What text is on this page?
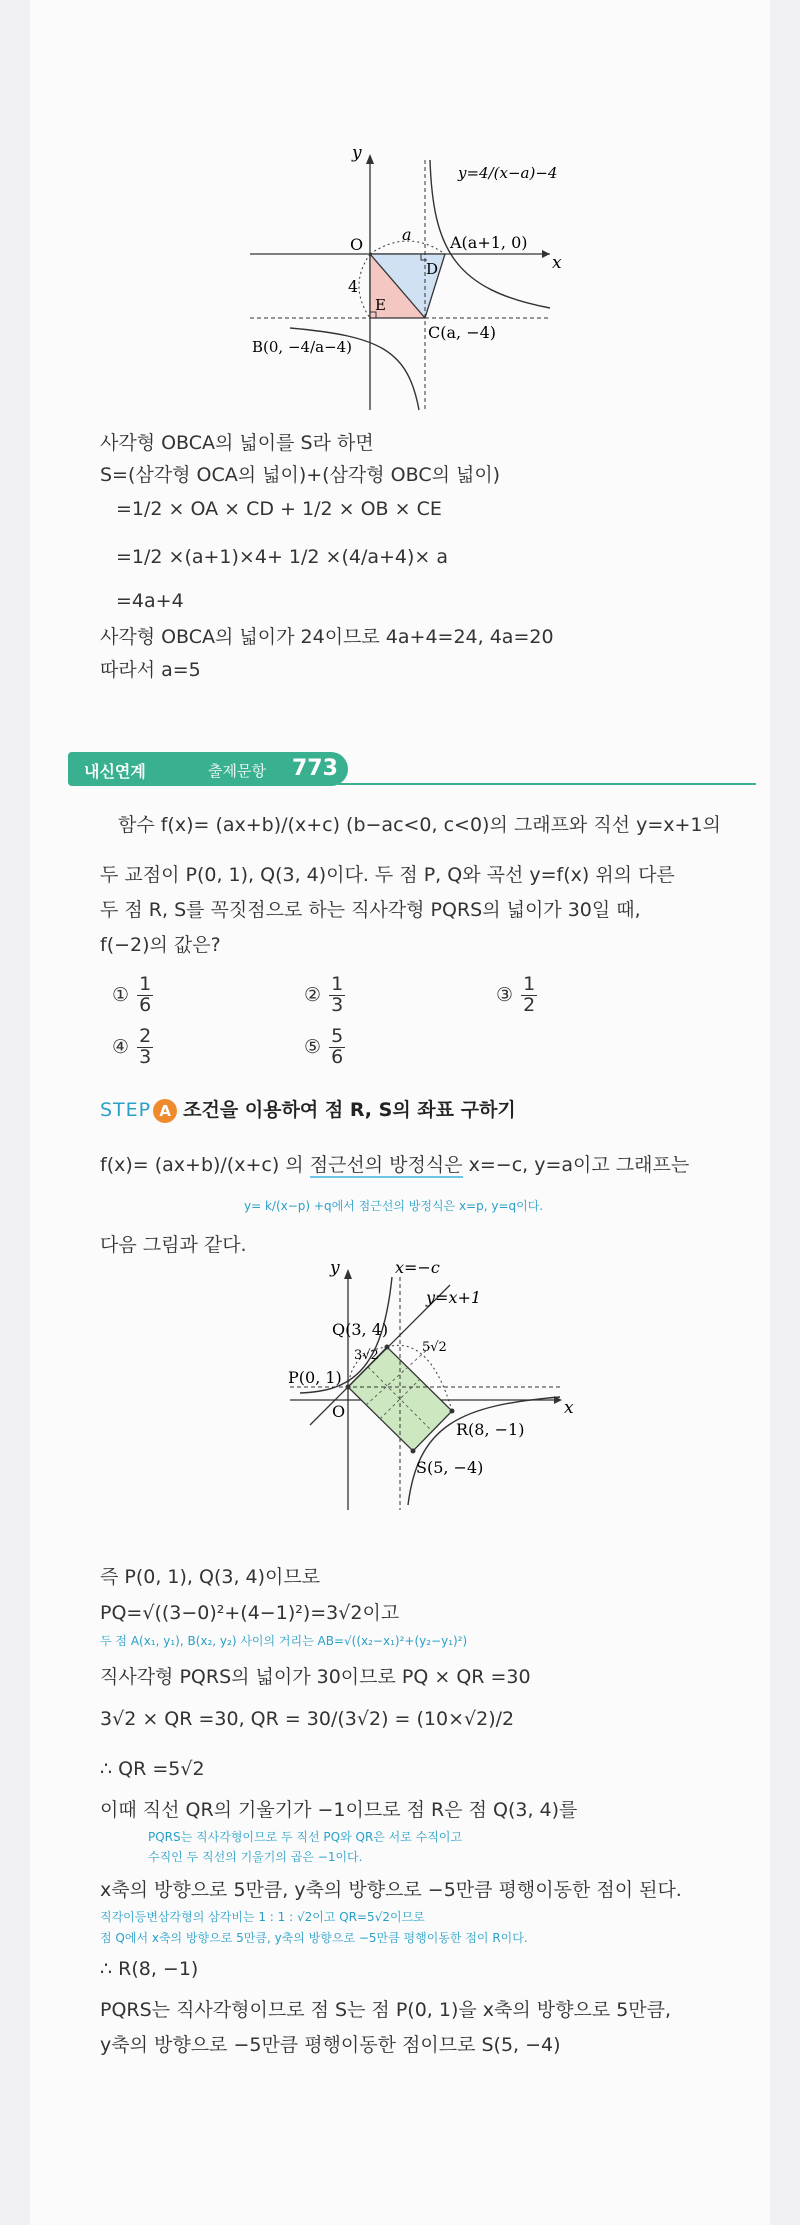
y
x
O
a
4
D
E
A(a+1, 0)
C(a, −4)
B(0, −4/a−4)
y=4/(x−a)−4
사각형 OBCA의 넓이를 S라 하면
S=(삼각형 OCA의 넓이)+(삼각형 OBC의 넓이)
=1/2 × OA × CD + 1/2 × OB × CE
=1/2 ×(a+1)×4+ 1/2 ×(4/a+4)× a
=4a+4
사각형 OBCA의 넓이가 24이므로 4a+4=24, 4a=20
따라서 a=5
내신연계	출제문항 773
함수 f(x)= (ax+b)/(x+c) (b−ac<0, c<0)의 그래프와 직선 y=x+1의
두 교점이 P(0, 1), Q(3, 4)이다. 두 점 P, Q와 곡선 y=f(x) 위의 다른
두 점 R, S를 꼭짓점으로 하는 직사각형 PQRS의 넓이가 30일 때,
f(−2)의 값은?
① $\frac{1}{6}$	② $\frac{1}{3}$	③ $\frac{1}{2}$
④ $\frac{2}{3}$	⑤ $\frac{5}{6}$
STEP A 조건을 이용하여 점 R, S의 좌표 구하기
f(x)= (ax+b)/(x+c) 의 점근선의 방정식은 x=−c, y=a이고 그래프는
y= k/(x−p) +q에서 점근선의 방정식은 x=p, y=q이다.
다음 그림과 같다.
y
x
O
x=−c
y=x+1
Q(3, 4)
P(0, 1)
R(8, −1)
S(5, −4)
3√2
5√2
즉 P(0, 1), Q(3, 4)이므로
PQ=√((3−0)²+(4−1)²)=3√2이고
두 점 A(x₁, y₁), B(x₂, y₂) 사이의 거리는 AB=√((x₂−x₁)²+(y₂−y₁)²)
직사각형 PQRS의 넓이가 30이므로 PQ × QR =30
3√2 × QR =30, QR = 30/(3√2) = (10×√2)/2
∴ QR =5√2
이때 직선 QR의 기울기가 −1이므로 점 R은 점 Q(3, 4)를
PQRS는 직사각형이므로 두 직선 PQ와 QR은 서로 수직이고
수직인 두 직선의 기울기의 곱은 −1이다.
x축의 방향으로 5만큼, y축의 방향으로 −5만큼 평행이동한 점이 된다.
직각이등변삼각형의 삼각비는 1 : 1 : √2이고 QR=5√2이므로
점 Q에서 x축의 방향으로 5만큼, y축의 방향으로 −5만큼 평행이동한 점이 R이다.
∴ R(8, −1)
PQRS는 직사각형이므로 점 S는 점 P(0, 1)을 x축의 방향으로 5만큼,
y축의 방향으로 −5만큼 평행이동한 점이므로 S(5, −4)
